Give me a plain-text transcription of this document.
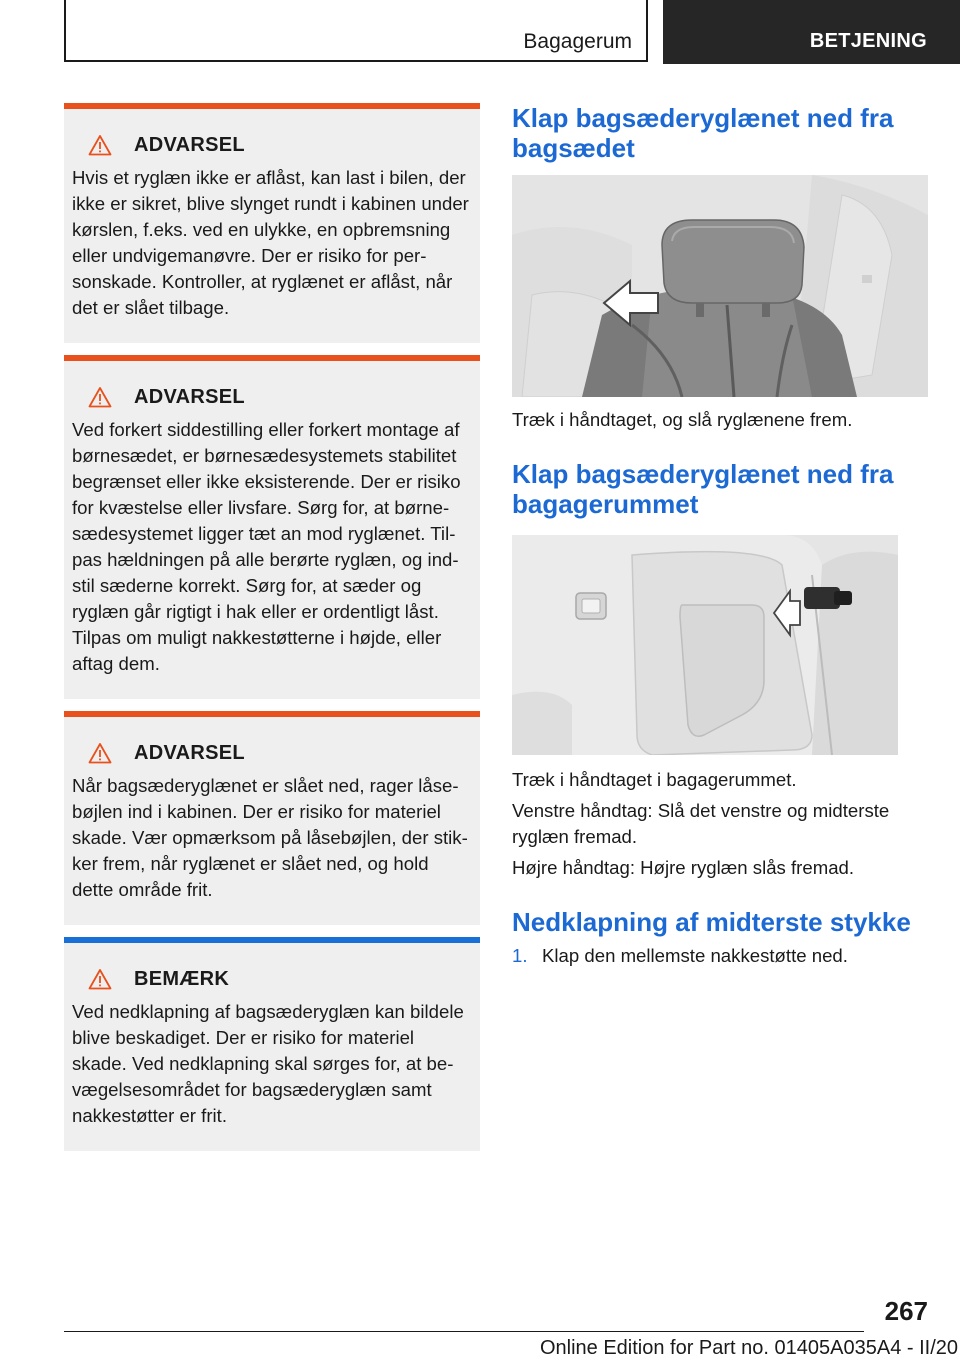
Bagagerum	BETJENING
ADVARSEL

Hvis et ryglæn ikke er aflåst, kan last i bilen, der ikke er sikret, blive slynget rundt i kabinen under kørslen, f.eks. ved en ulykke, en opbremsning eller undvigemanøvre. Der er risiko for personskade. Kontroller, at ryglænet er aflåst, når det er slået tilbage.

ADVARSEL

Ved forkert siddestilling eller forkert montage af børnesædet, er børnesædesystemets stabilitet begrænset eller ikke eksisterende. Der er risiko for kvæstelse eller livsfare. Sørg for, at børnesædesystemet ligger tæt an mod ryglænet. Tilpas hældningen på alle berørte ryglæn, og indstil sæderne korrekt. Sørg for, at sæder og ryglæn går rigtigt i hak eller er ordentligt låst. Tilpas om muligt nakkestøtterne i højde, eller aftag dem.

ADVARSEL

Når bagsæderyglænet er slået ned, rager låsebøjlen ind i kabinen. Der er risiko for materiel skade. Vær opmærksom på låsebøjlen, der stikker frem, når ryglænet er slået ned, og hold dette område frit.

BEMÆRK

Ved nedklapning af bagsæderyglæn kan bildele blive beskadiget. Der er risiko for materiel skade. Ved nedklapning skal sørges for, at bevægelsesområdet for bagsæderyglæn samt nakkestøtter er frit.

Klap bagsæderyglænet ned fra bagsædet

Træk i håndtaget, og slå ryglænene frem.

Klap bagsæderyglænet ned fra bagagerummet

Træk i håndtaget i bagagerummet.

Venstre håndtag: Slå det venstre og midterste ryglæn fremad.

Højre håndtag: Højre ryglæn slås fremad.

Nedklapning af midterste stykke
1. Klap den mellemste nakkestøtte ned.
267
Online Edition for Part no. 01405A035A4 - II/20
